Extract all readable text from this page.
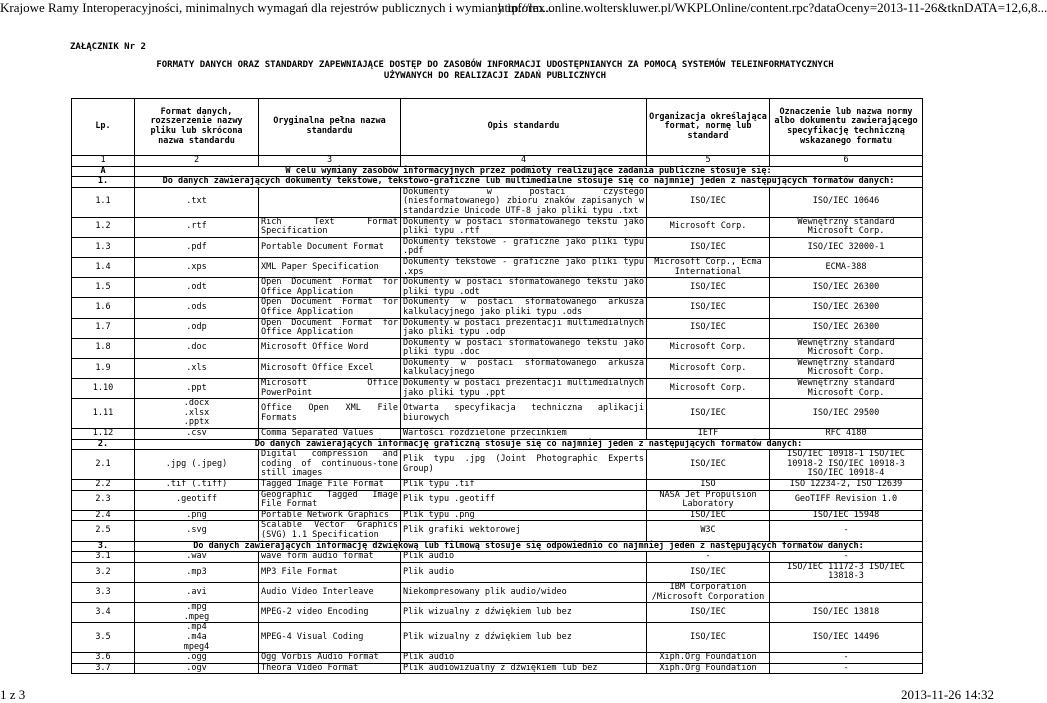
Krajowe Ramy Interoperacyjności, minimalnych wymagań dla rejestrów publicznych i wymiany inform...
http://lex.online.wolterskluwer.pl/WKPLOnline/content.rpc?dataOceny=2013-11-26&tknDATA=12,6,8...
ZAŁĄCZNIK Nr 2
FORMATY DANYCH ORAZ STANDARDY ZAPEWNIAJĄCE DOSTĘP DO ZASOBÓW INFORMACJI UDOSTĘPNIANYCH ZA POMOCĄ SYSTEMÓW TELEINFORMATYCZNYCH
UŻYWANYCH DO REALIZACJI ZADAŃ PUBLICZNYCH
Lp.	Format danych, rozszerzenie nazwy pliku lub skrócona nazwa standardu	Oryginalna pełna nazwa standardu	Opis standardu	Organizacja określająca format, normę lub standard	Oznaczenie lub nazwa normy albo dokumentu zawierającego specyfikację techniczną wskazanego formatu
1	2	3	4	5	6
A	W celu wymiany zasobów informacyjnych przez podmioty realizujące zadania publiczne stosuje się:				
1.	Do danych zawierających dokumenty tekstowe, tekstowo-graficzne lub multimedialne stosuje się co najmniej jeden z następujących formatów danych:				
1.1	.txt		Dokumenty w postaci czystego (niesformatowanego) zbioru znaków zapisanych w standardzie Unicode UTF-8 jako pliki typu .txt	ISO/IEC	ISO/IEC 10646
1.2	.rtf	Rich Text Format Specification	Dokumenty w postaci sformatowanego tekstu jako pliki typu .rtf	Microsoft Corp.	Wewnętrzny standard Microsoft Corp.
1.3	.pdf	Portable Document Format	Dokumenty tekstowe - graficzne jako pliki typu .pdf	ISO/IEC	ISO/IEC 32000-1
1.4	.xps	XML Paper Specification	Dokumenty tekstowe - graficzne jako pliki typu .xps	Microsoft Corp., Ecma International	ECMA-388
1.5	.odt	Open Document Format for Office Application	Dokumenty w postaci sformatowanego tekstu jako pliki typu .odt	ISO/IEC	ISO/IEC 26300
1.6	.ods	Open Document Format for Office Application	Dokumenty w postaci sformatowanego arkusza kalkulacyjnego jako pliki typu .ods	ISO/IEC	ISO/IEC 26300
1.7	.odp	Open Document Format for Office Application	Dokumenty w postaci prezentacji multimedialnych jako pliki typu .odp	ISO/IEC	ISO/IEC 26300
1.8	.doc	Microsoft Office Word	Dokumenty w postaci sformatowanego tekstu jako pliki typu .doc	Microsoft Corp.	Wewnętrzny standard Microsoft Corp.
1.9	.xls	Microsoft Office Excel	Dokumenty w postaci sformatowanego arkusza kalkulacyjnego	Microsoft Corp.	Wewnętrzny standard Microsoft Corp.
1.10	.ppt	Microsoft Office PowerPoint	Dokumenty w postaci prezentacji multimedialnych jako pliki typu .ppt	Microsoft Corp.	Wewnętrzny standard Microsoft Corp.
1.11	.docx
.xlsx
.pptx	Office Open XML File Formats	Otwarta specyfikacja techniczna aplikacji biurowych	ISO/IEC	ISO/IEC 29500
1.12	.csv	Comma Separated Values	Wartości rozdzielone przecinkiem	IETF	RFC 4180
2.	Do danych zawierających informację graficzną stosuje się co najmniej jeden z następujących formatów danych:				
2.1	.jpg (.jpeg)	Digital compression and coding of continuous-tone still images	Plik typu .jpg (Joint Photographic Experts Group)	ISO/IEC	ISO/IEC 10918-1 ISO/IEC 10918-2 ISO/IEC 10918-3 ISO/IEC 10918-4
2.2	.tif (.tiff)	Tagged Image File Format	Plik typu .tif	ISO	ISO 12234-2, ISO 12639
2.3	.geotiff	Geographic Tagged Image File Format	Plik typu .geotiff	NASA Jet Propulsion Laboratory	GeoTIFF Revision 1.0
2.4	.png	Portable Network Graphics	Plik typu .png	ISO/IEC	ISO/IEC 15948
2.5	.svg	Scalable Vector Graphics (SVG) 1.1 Specification	Plik grafiki wektorowej	W3C	-
3.	Do danych zawierających informację dźwiękową lub filmową stosuje się odpowiednio co najmniej jeden z następujących formatów danych:				
3.1	.wav	wave form audio format	Plik audio	-	-
3.2	.mp3	MP3 File Format	Plik audio	ISO/IEC	ISO/IEC 11172-3 ISO/IEC 13818-3
3.3	.avi	Audio Video Interleave	Niekompresowany plik audio/wideo	IBM Corporation /Microsoft Corporation	
3.4	.mpg
.mpeg	MPEG-2 video Encoding	Plik wizualny z dźwiękiem lub bez	ISO/IEC	ISO/IEC 13818
3.5	.mp4
.m4a
mpeg4	MPEG-4 Visual Coding	Plik wizualny z dźwiękiem lub bez	ISO/IEC	ISO/IEC 14496
3.6	.ogg	Ogg Vorbis Audio Format	Plik audio	Xiph.Org Foundation	-
3.7	.ogv	Theora Video Format	Plik audiowizualny z dźwiękiem lub bez	Xiph.Org Foundation	-
1 z 3	2013-11-26 14:32
